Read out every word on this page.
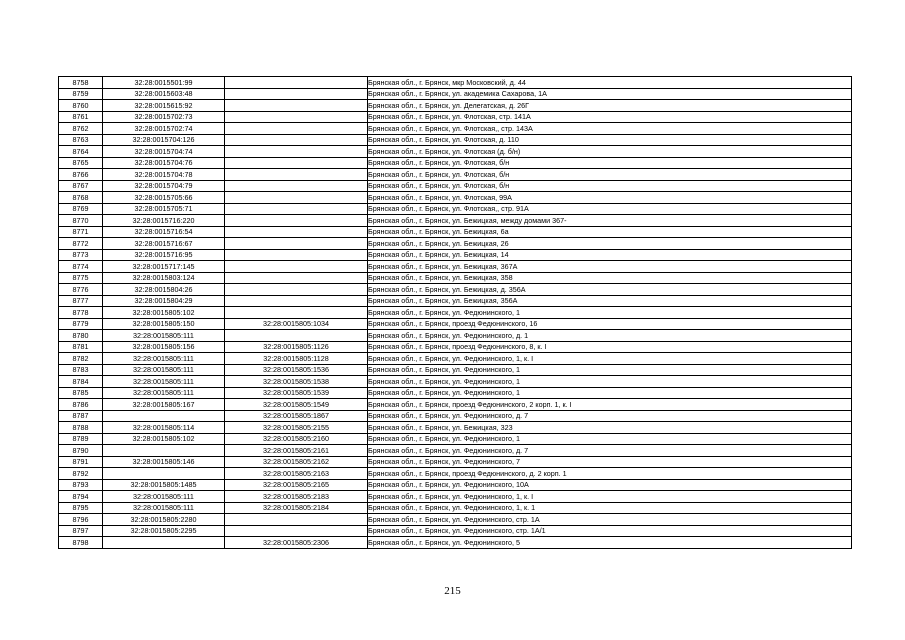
8758	32:28:0015501:99		Брянская обл., г. Брянск, мкр Московский, д. 44
8759	32:28:0015603:48		Брянская обл., г. Брянск, ул. академика Сахарова, 1А
8760	32:28:0015615:92		Брянская обл., г. Брянск, ул. Делегатская, д. 26Г
8761	32:28:0015702:73		Брянская обл., г. Брянск, ул. Флотская, стр. 141А
8762	32:28:0015702:74		Брянская обл., г. Брянск, ул. Флотская,, стр. 143А
8763	32:28:0015704:126		Брянская обл., г. Брянск, ул. Флотская, д. 110
8764	32:28:0015704:74		Брянская обл., г. Брянск, ул. Флотская (д. б/н)
8765	32:28:0015704:76		Брянская обл., г. Брянск, ул. Флотская, б/н
8766	32:28:0015704:78		Брянская обл., г. Брянск, ул. Флотская, б/н
8767	32:28:0015704:79		Брянская обл., г. Брянск, ул. Флотская, б/н
8768	32:28:0015705:66		Брянская обл., г. Брянск, ул. Флотская, 99А
8769	32:28:0015705:71		Брянская обл., г. Брянск, ул. Флотская,, стр. 91А
8770	32:28:0015716:220		Брянская обл., г. Брянск, ул. Бежицкая, между домами 367-
8771	32:28:0015716:54		Брянская обл., г. Брянск, ул. Бежицкая, 6а
8772	32:28:0015716:67		Брянская обл., г. Брянск, ул. Бежицкая, 26
8773	32:28:0015716:95		Брянская обл., г. Брянск, ул. Бежицкая, 14
8774	32:28:0015717:145		Брянская обл., г. Брянск, ул. Бежицкая, 367А
8775	32:28:0015803:124		Брянская обл., г. Брянск, ул. Бежицкая, 358
8776	32:28:0015804:26		Брянская обл., г. Брянск, ул. Бежицкая, д. 356А
8777	32:28:0015804:29		Брянская обл., г. Брянск, ул. Бежицкая, 356А
8778	32:28:0015805:102		Брянская обл., г. Брянск, ул. Федюнинского, 1
8779	32:28:0015805:150	32:28:0015805:1034	Брянская обл., г. Брянск, проезд Федюнинского, 16
8780	32:28:0015805:111		Брянская обл., г. Брянск, ул. Федюнинского, д. 1
8781	32:28:0015805:156	32:28:0015805:1126	Брянская обл., г. Брянск, проезд Федюнинского, 8, к. І
8782	32:28:0015805:111	32:28:0015805:1128	Брянская обл., г. Брянск, ул. Федюнинского, 1, к. І
8783	32:28:0015805:111	32:28:0015805:1536	Брянская обл., г. Брянск, ул. Федюнинского, 1
8784	32:28:0015805:111	32:28:0015805:1538	Брянская обл., г. Брянск, ул. Федюнинского, 1
8785	32:28:0015805:111	32:28:0015805:1539	Брянская обл., г. Брянск, ул. Федюнинского, 1
8786	32:28:0015805:167	32:28:0015805:1549	Брянская обл., г. Брянск, проезд Федюнинского, 2 корп. 1, к. І
8787		32:28:0015805:1867	Брянская обл., г. Брянск, ул. Федюнинского, д. 7
8788	32:28:0015805:114	32:28:0015805:2155	Брянская обл., г. Брянск, ул. Бежицкая, 323
8789	32:28:0015805:102	32:28:0015805:2160	Брянская обл., г. Брянск, ул. Федюнинского, 1
8790		32:28:0015805:2161	Брянская обл., г. Брянск, ул. Федюнинского, д. 7
8791	32:28:0015805:146	32:28:0015805:2162	Брянская обл., г. Брянск, ул. Федюнинского, 7
8792		32:28:0015805:2163	Брянская обл., г. Брянск, проезд Федюнинского, д. 2 корп. 1
8793	32:28:0015805:1485	32:28:0015805:2165	Брянская обл., г. Брянск, ул. Федюнинского, 10А
8794	32:28:0015805:111	32:28:0015805:2183	Брянская обл., г. Брянск, ул. Федюнинского, 1, к. І
8795	32:28:0015805:111	32:28:0015805:2184	Брянская обл., г. Брянск, ул. Федюнинского, 1, к. 1
8796	32:28:0015805:2280		Брянская обл., г. Брянск, ул. Федюнинского, стр. 1А
8797	32:28:0015805:2295		Брянская обл., г. Брянск, ул. Федюнинского, стр. 1А/1
8798		32:28:0015805:2306	Брянская обл., г. Брянск, ул. Федюнинского, 5
215
